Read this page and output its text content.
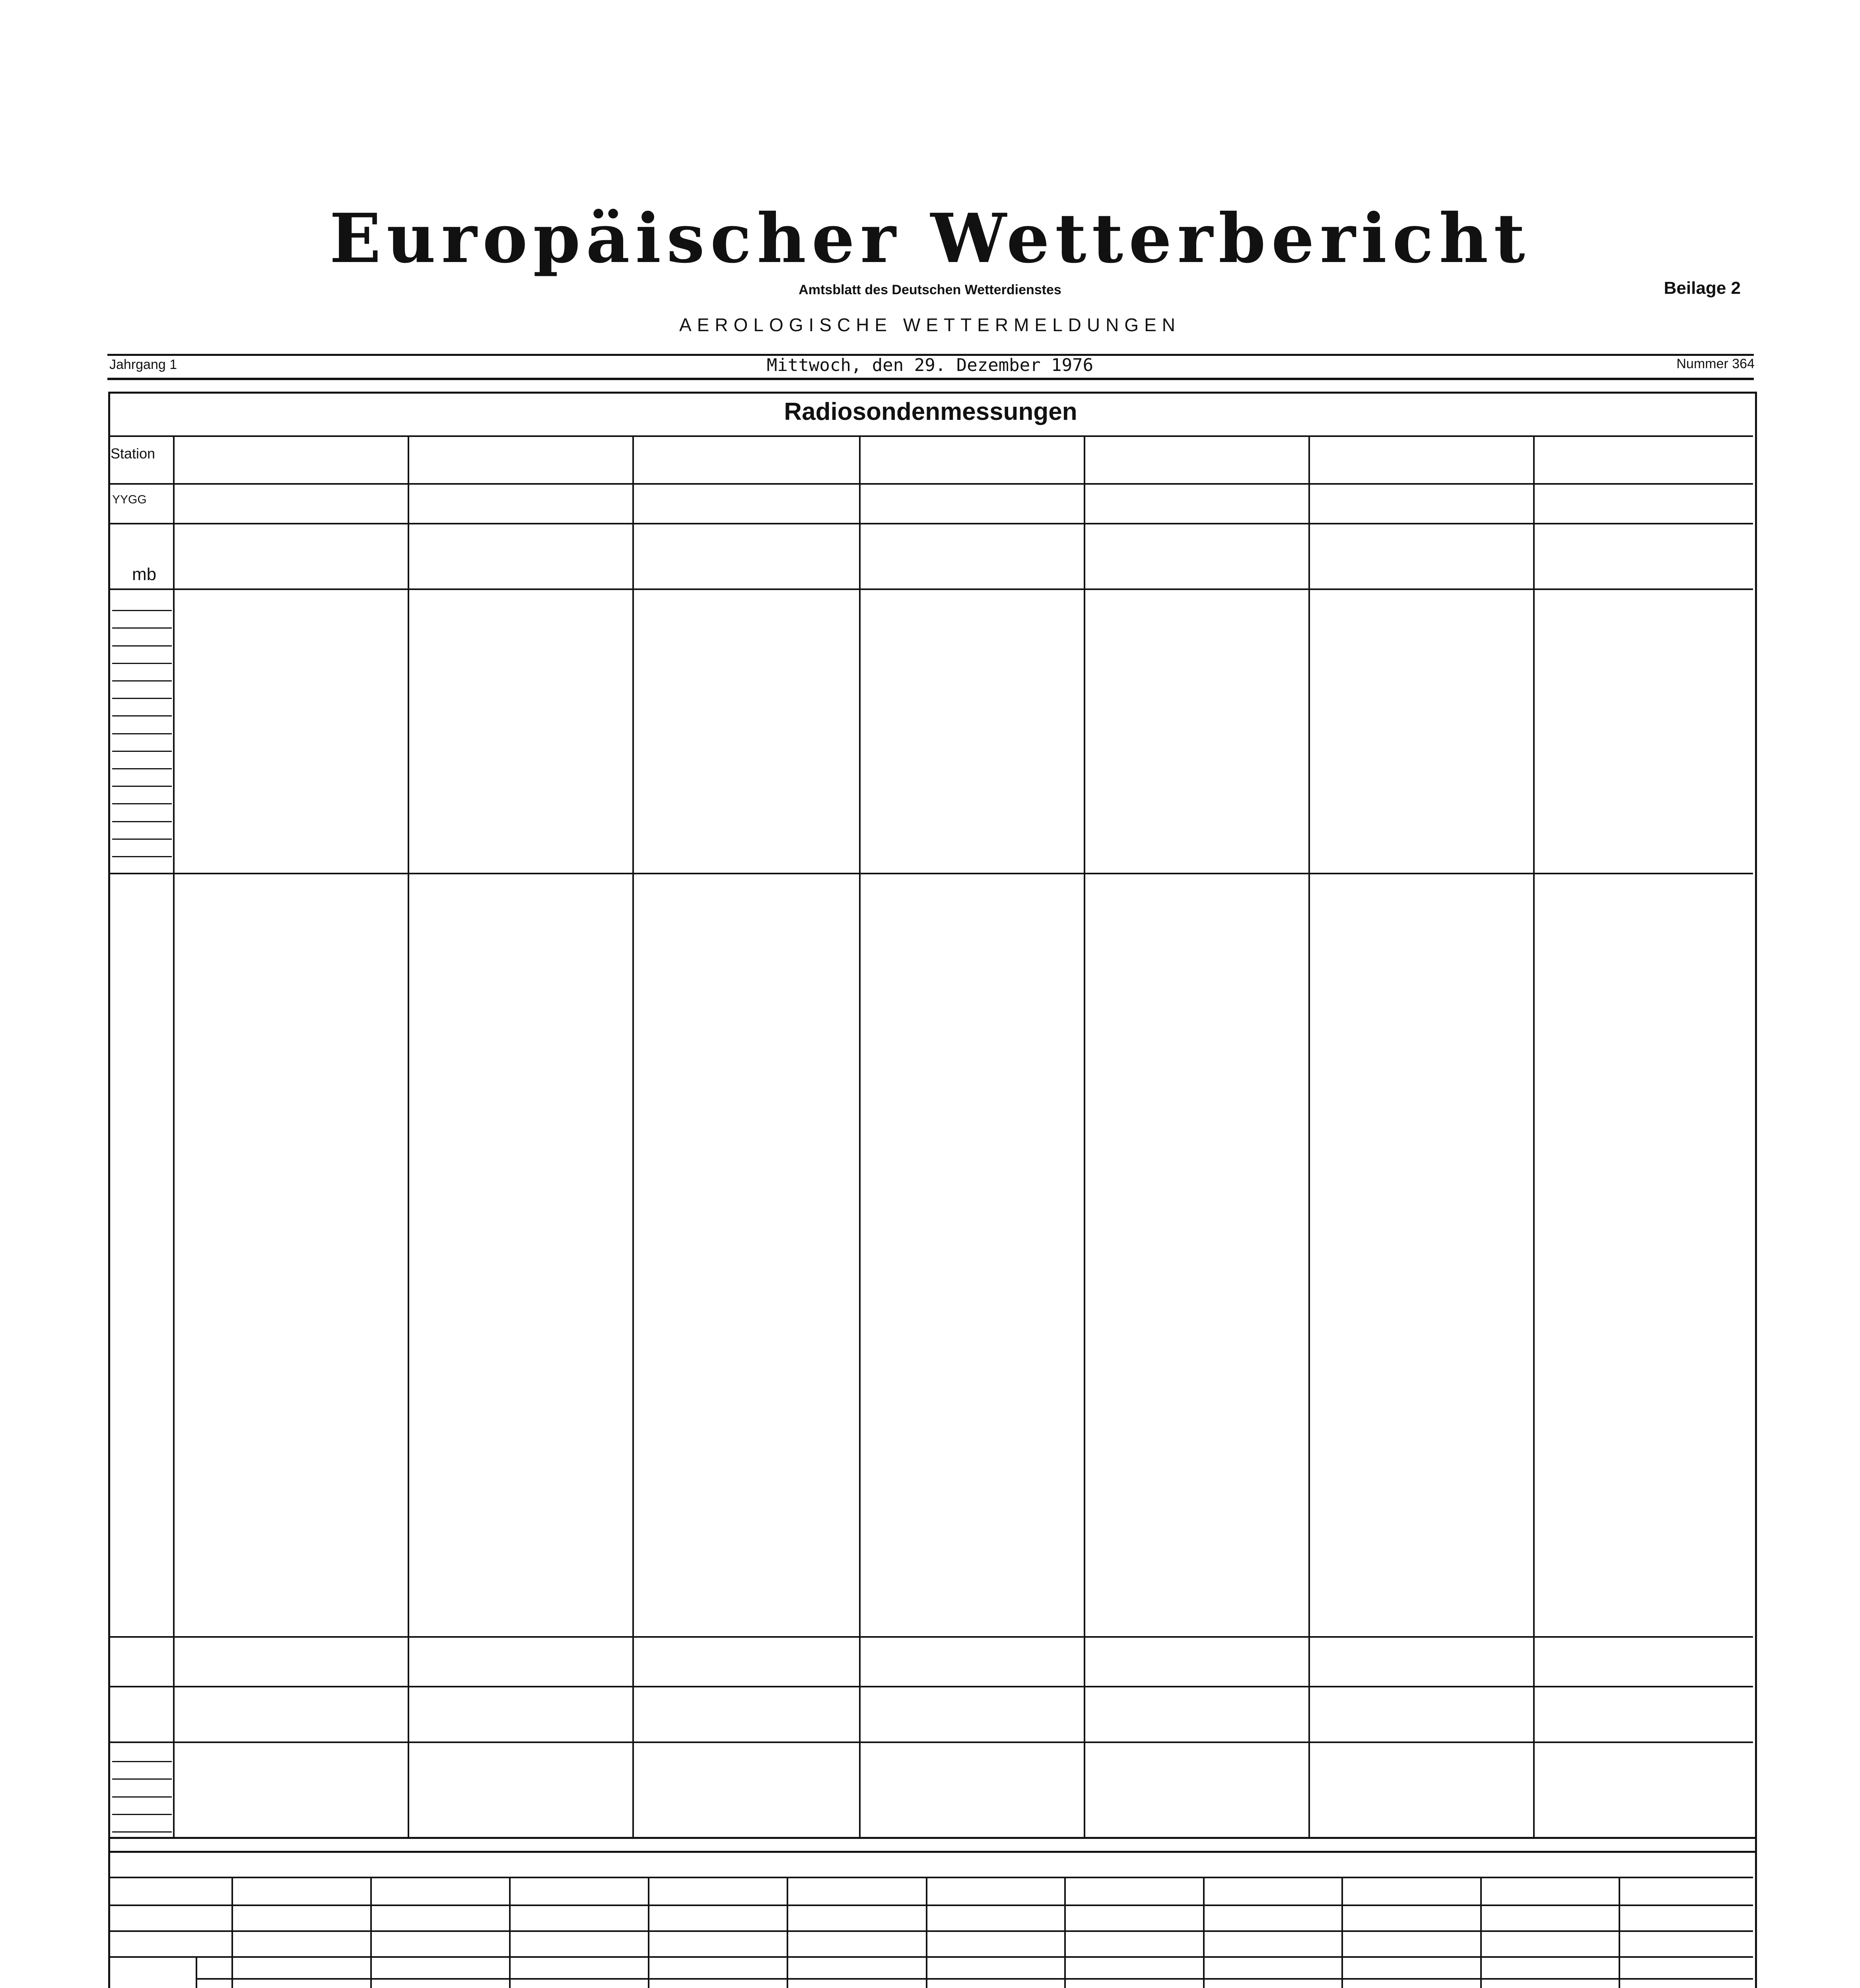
Europäischer Wetterbericht
Amtsblatt des Deutschen Wetterdienstes	Beilage 2
AEROLOGISCHE WETTERMELDUNGEN
Jahrgang 1	Mittwoch, den 29. Dezember 1976	Nummer 364
Radiosondenmessungen
Station
YYGG
mb
